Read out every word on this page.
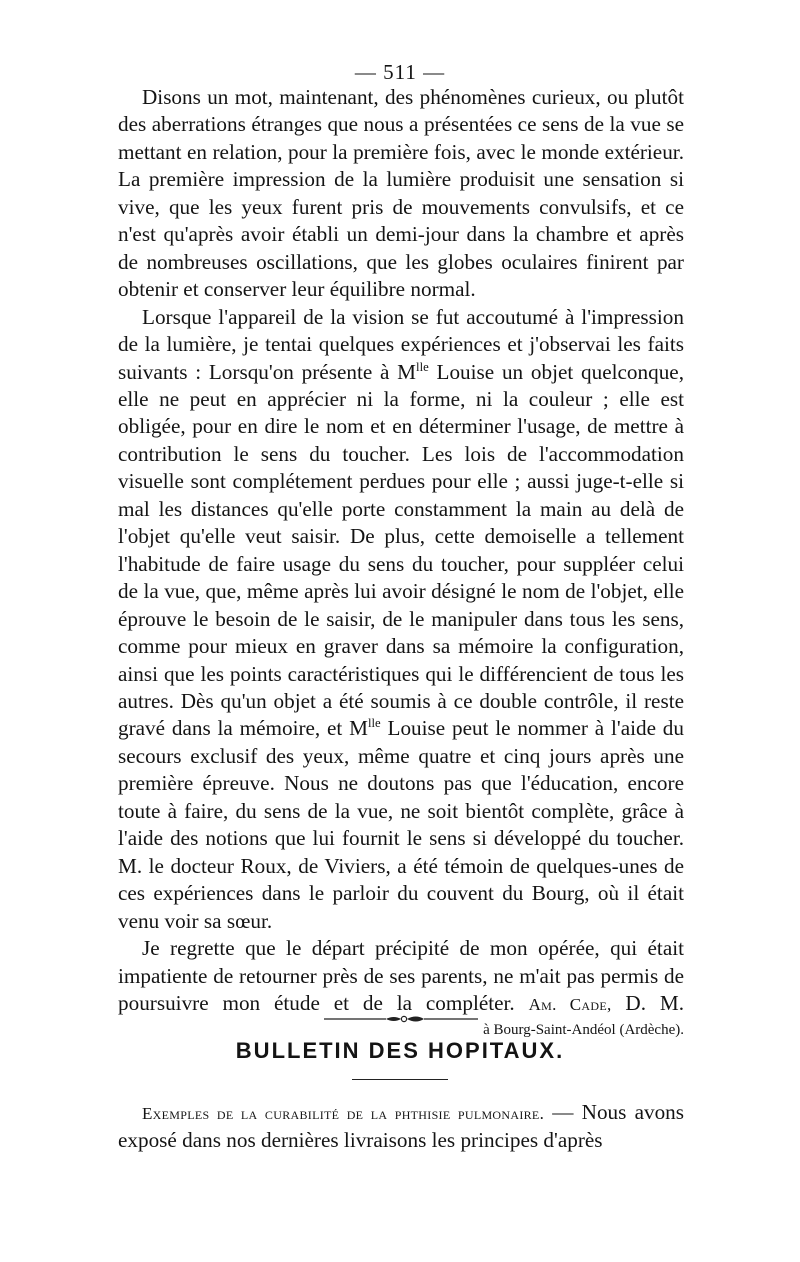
— 511 —

Disons un mot, maintenant, des phénomènes curieux, ou plutôt des aberrations étranges que nous a présentées ce sens de la vue se mettant en relation, pour la première fois, avec le monde extérieur. La première impression de la lumière produisit une sensation si vive, que les yeux furent pris de mouvements convulsifs, et ce n'est qu'après avoir établi un demi-jour dans la chambre et après de nombreuses oscillations, que les globes oculaires finirent par obtenir et conserver leur équilibre normal.

Lorsque l'appareil de la vision se fut accoutumé à l'impression de la lumière, je tentai quelques expériences et j'observai les faits suivants : Lorsqu'on présente à $M^{lle}$ Louise un objet quelconque, elle ne peut en apprécier ni la forme, ni la couleur ; elle est obligée, pour en dire le nom et en déterminer l'usage, de mettre à contribution le sens du toucher. Les lois de l'accommodation visuelle sont complétement perdues pour elle ; aussi juge-t-elle si mal les distances qu'elle porte constamment la main au delà de l'objet qu'elle veut saisir. De plus, cette demoiselle a tellement l'habitude de faire usage du sens du toucher, pour suppléer celui de la vue, que, même après lui avoir désigné le nom de l'objet, elle éprouve le besoin de le saisir, de le manipuler dans tous les sens, comme pour mieux en graver dans sa mémoire la configuration, ainsi que les points caractéristiques qui le différencient de tous les autres. Dès qu'un objet a été soumis à ce double contrôle, il reste gravé dans la mémoire, et $M^{lle}$ Louise peut le nommer à l'aide du secours exclusif des yeux, même quatre et cinq jours après une première épreuve. Nous ne doutons pas que l'éducation, encore toute à faire, du sens de la vue, ne soit bientôt complète, grâce à l'aide des notions que lui fournit le sens si développé du toucher. M. le docteur Roux, de Viviers, a été témoin de quelques-unes de ces expériences dans le parloir du couvent du Bourg, où il était venu voir sa sœur.

Je regrette que le départ précipité de mon opérée, qui était impatiente de retourner près de ses parents, ne m'ait pas permis de poursuivre mon étude et de la compléter. Am. Cade, D. M.

à Bourg-Saint-Andéol (Ardèche).
BULLETIN DES HOPITAUX.

Exemples de la curabilité de la phthisie pulmonaire. — Nous avons exposé dans nos dernières livraisons les principes d'après
